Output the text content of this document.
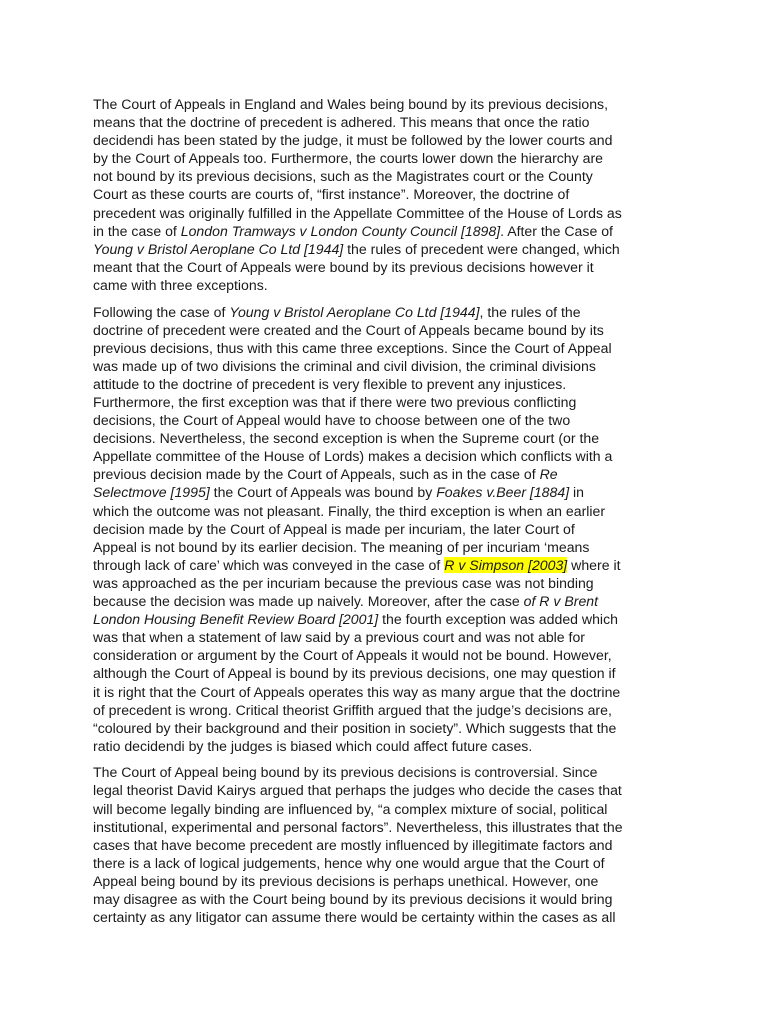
The Court of Appeals in England and Wales being bound by its previous decisions,
means that the doctrine of precedent is adhered. This means that once the ratio
decidendi has been stated by the judge, it must be followed by the lower courts and
by the Court of Appeals too. Furthermore, the courts lower down the hierarchy are
not bound by its previous decisions, such as the Magistrates court or the County
Court as these courts are courts of, “first instance”. Moreover, the doctrine of
precedent was originally fulfilled in the Appellate Committee of the House of Lords as
in the case of London Tramways v London County Council [1898]. After the Case of
Young v Bristol Aeroplane Co Ltd [1944] the rules of precedent were changed, which
meant that the Court of Appeals were bound by its previous decisions however it
came with three exceptions.

Following the case of Young v Bristol Aeroplane Co Ltd [1944], the rules of the
doctrine of precedent were created and the Court of Appeals became bound by its
previous decisions, thus with this came three exceptions. Since the Court of Appeal
was made up of two divisions the criminal and civil division, the criminal divisions
attitude to the doctrine of precedent is very flexible to prevent any injustices.
Furthermore, the first exception was that if there were two previous conflicting
decisions, the Court of Appeal would have to choose between one of the two
decisions. Nevertheless, the second exception is when the Supreme court (or the
Appellate committee of the House of Lords) makes a decision which conflicts with a
previous decision made by the Court of Appeals, such as in the case of Re
Selectmove [1995] the Court of Appeals was bound by Foakes v.Beer [1884] in
which the outcome was not pleasant. Finally, the third exception is when an earlier
decision made by the Court of Appeal is made per incuriam, the later Court of
Appeal is not bound by its earlier decision. The meaning of per incuriam ‘means
through lack of care’ which was conveyed in the case of R v Simpson [2003] where it
was approached as the per incuriam because the previous case was not binding
because the decision was made up naively. Moreover, after the case of R v Brent
London Housing Benefit Review Board [2001] the fourth exception was added which
was that when a statement of law said by a previous court and was not able for
consideration or argument by the Court of Appeals it would not be bound. However,
although the Court of Appeal is bound by its previous decisions, one may question if
it is right that the Court of Appeals operates this way as many argue that the doctrine
of precedent is wrong. Critical theorist Griffith argued that the judge’s decisions are,
“coloured by their background and their position in society”. Which suggests that the
ratio decidendi by the judges is biased which could affect future cases.

The Court of Appeal being bound by its previous decisions is controversial. Since
legal theorist David Kairys argued that perhaps the judges who decide the cases that
will become legally binding are influenced by, “a complex mixture of social, political
institutional, experimental and personal factors”. Nevertheless, this illustrates that the
cases that have become precedent are mostly influenced by illegitimate factors and
there is a lack of logical judgements, hence why one would argue that the Court of
Appeal being bound by its previous decisions is perhaps unethical. However, one
may disagree as with the Court being bound by its previous decisions it would bring
certainty as any litigator can assume there would be certainty within the cases as all
